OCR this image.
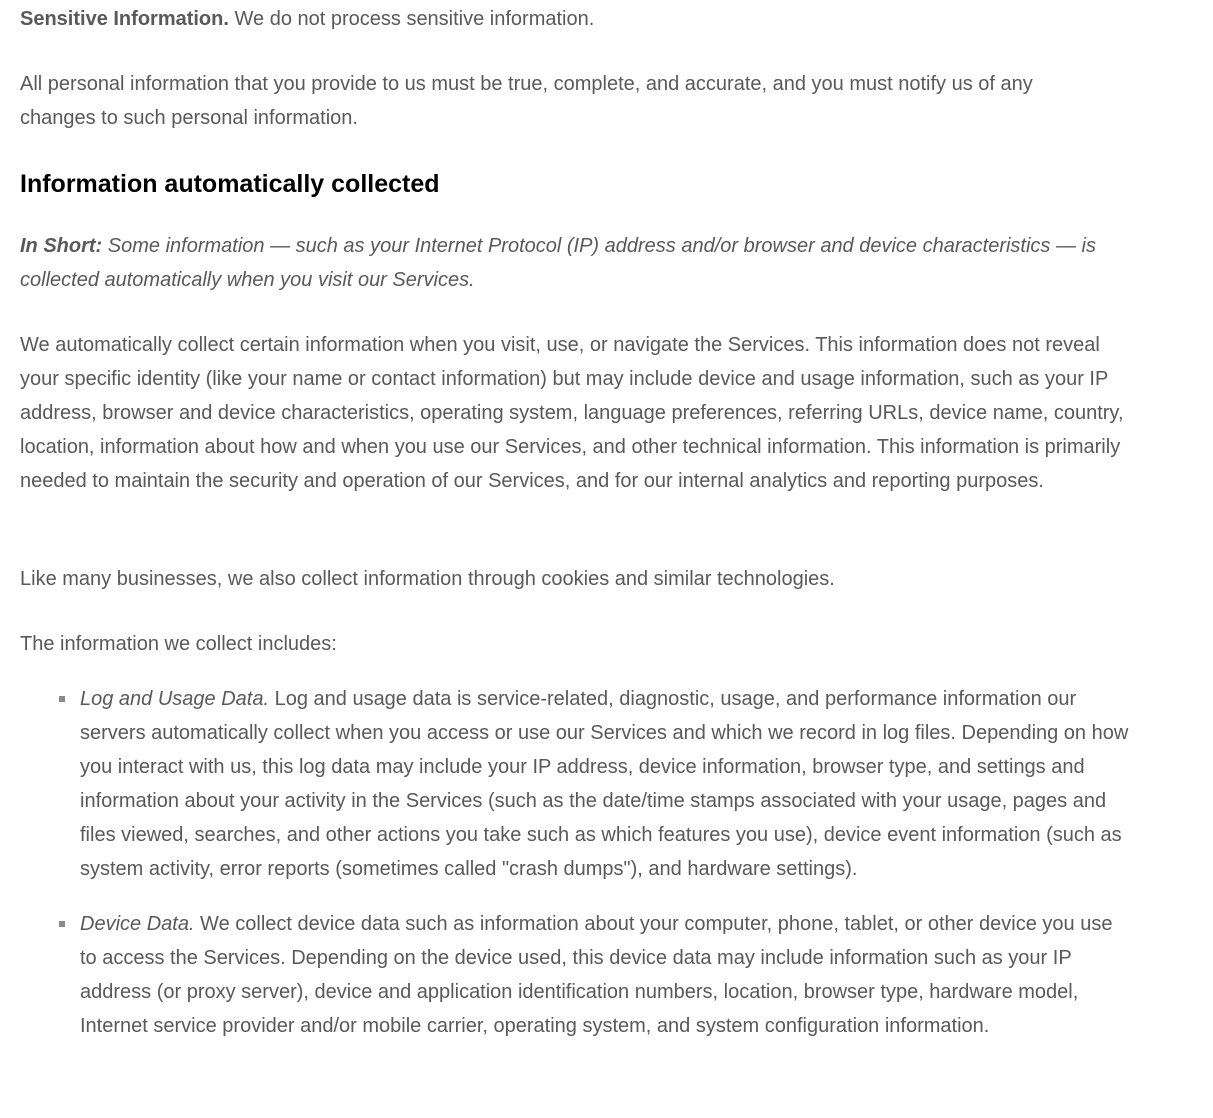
Sensitive Information. We do not process sensitive information.

All personal information that you provide to us must be true, complete, and accurate, and you must notify us of any changes to such personal information.

Information automatically collected

In Short: Some information — such as your Internet Protocol (IP) address and/or browser and device characteristics — is collected automatically when you visit our Services.

We automatically collect certain information when you visit, use, or navigate the Services. This information does not reveal your specific identity (like your name or contact information) but may include device and usage information, such as your IP address, browser and device characteristics, operating system, language preferences, referring URLs, device name, country, location, information about how and when you use our Services, and other technical information. This information is primarily needed to maintain the security and operation of our Services, and for our internal analytics and reporting purposes.

Like many businesses, we also collect information through cookies and similar technologies.

The information we collect includes:

Log and Usage Data. Log and usage data is service-related, diagnostic, usage, and performance information our servers automatically collect when you access or use our Services and which we record in log files. Depending on how you interact with us, this log data may include your IP address, device information, browser type, and settings and information about your activity in the Services (such as the date/time stamps associated with your usage, pages and files viewed, searches, and other actions you take such as which features you use), device event information (such as system activity, error reports (sometimes called "crash dumps"), and hardware settings).
Device Data. We collect device data such as information about your computer, phone, tablet, or other device you use to access the Services. Depending on the device used, this device data may include information such as your IP address (or proxy server), device and application identification numbers, location, browser type, hardware model, Internet service provider and/or mobile carrier, operating system, and system configuration information.
